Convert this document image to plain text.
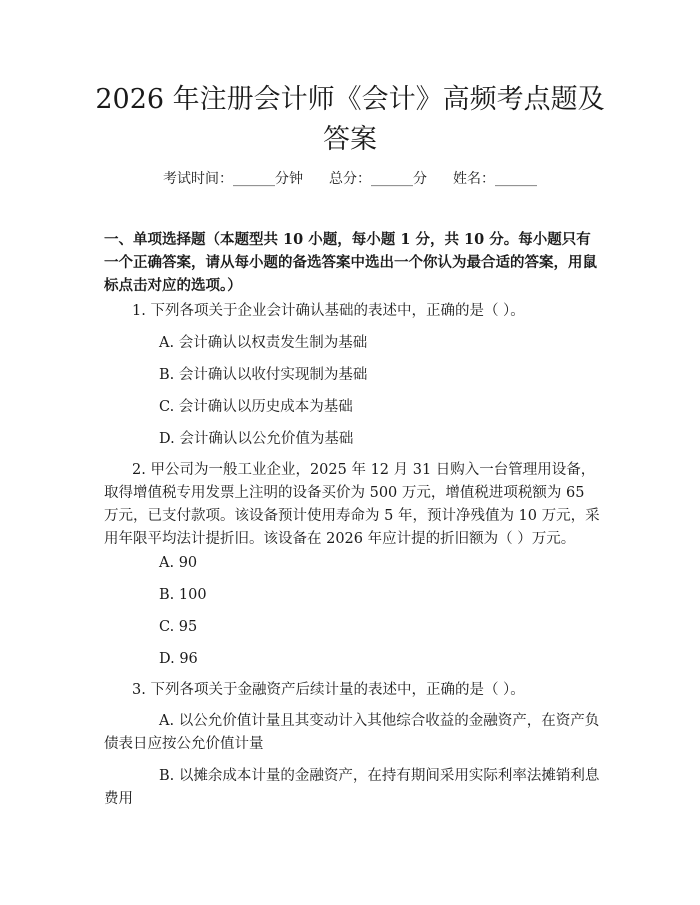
2026 年注册会计师《会计》高频考点题及答案
考试时间：______分钟 总分：______分 姓名：______

一、单项选择题（本题型共 10 小题，每小题 1 分，共 10 分。每小题只有一个正确答案，请从每小题的备选答案中选出一个你认为最合适的答案，用鼠标点击对应的选项。）

1. 下列各项关于企业会计确认基础的表述中，正确的是（ ）。

A. 会计确认以权责发生制为基础

B. 会计确认以收付实现制为基础

C. 会计确认以历史成本为基础

D. 会计确认以公允价值为基础

2. 甲公司为一般工业企业，2025 年 12 月 31 日购入一台管理用设备，取得增值税专用发票上注明的设备买价为 500 万元，增值税进项税额为 65 万元，已支付款项。该设备预计使用寿命为 5 年，预计净残值为 10 万元，采用年限平均法计提折旧。该设备在 2026 年应计提的折旧额为（ ）万元。

A. 90

B. 100

C. 95

D. 96

3. 下列各项关于金融资产后续计量的表述中，正确的是（ ）。

A. 以公允价值计量且其变动计入其他综合收益的金融资产，在资产负债表日应按公允价值计量

B. 以摊余成本计量的金融资产，在持有期间采用实际利率法摊销利息费用
